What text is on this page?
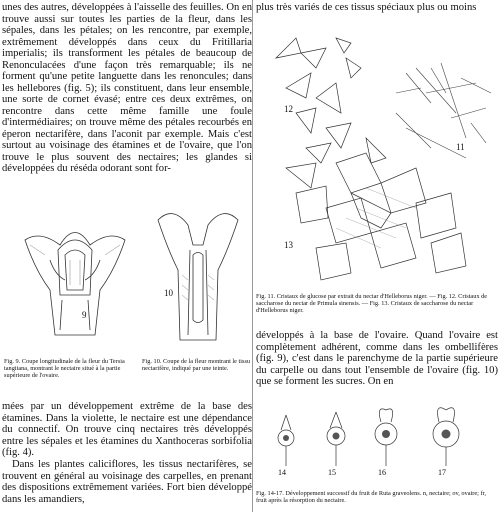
unes des autres, développées à l'aisselle des feuilles. On en trouve aussi sur toutes les parties de la fleur, dans les sépales, dans les pétales; on les rencontre, par exemple, extrêmement développés dans ceux du Fritillaria imperialis; ils transforment les pétales de beaucoup de Renonculacées d'une façon très remarquable; ils ne forment qu'une petite languette dans les renoncules; dans les hellebores (fig. 5); ils constituent, dans leur ensemble, une sorte de cornet évasé; entre ces deux extrêmes, on rencontre dans cette même famille une foule d'intermédiaires; on trouve même des pétales recourbés en éperon nectarifère, dans l'aconit par exemple. Mais c'est surtout au voisinage des étamines et de l'ovaire, que l'on trouve le plus souvent des nectaires; les glandes si développées du réséda odorant sont for-

9
10
Fig. 9. Coupe longitudinale de la fleur du Tersia tangitana, montrant le nectaire situé à la partie supérieure de l'ovaire.
Fig. 10. Coupe de la fleur montrant le tissu nectarifère, indiqué par une teinte.

mées par un développement extrême de la base des étamines. Dans la violette, le nectaire est une dépendance du connectif. On trouve cinq nectaires très développés entre les sépales et les étamines du Xanthoceras sorbifolia (fig. 4).

Dans les plantes caliciflores, les tissus nectarifères, se trouvent en général au voisinage des carpelles, en prenant des dispositions extrêmement variées. Fort bien développé dans les amandiers,

plus très variés de ces tissus spéciaux plus ou moins

12
11
13
Fig. 11. Cristaux de glucose par extrait du nectar d'Helleborus niger. — Fig. 12. Cristaux de saccharose du nectar de Primula sinensis. — Fig. 13. Cristaux de saccharose du nectar d'Helleborus niger.

développés à la base de l'ovaire. Quand l'ovaire est complètement adhérent, comme dans les ombellifères (fig. 9), c'est dans le parenchyme de la partie supérieure du carpelle ou dans tout l'ensemble de l'ovaire (fig. 10) que se forment les sucres. On en

14	15	16	17
Fig. 14-17. Développement successif du fruit de Ruta graveolens. n, nectaire; ov, ovaire; fr, fruit après la résorption du nectaire.
